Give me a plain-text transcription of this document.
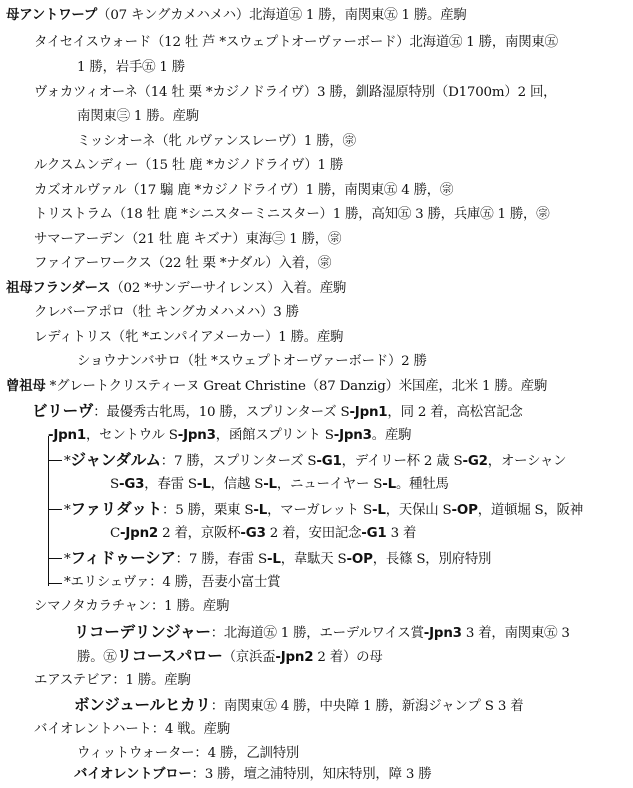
母アントワープ（07 キングカメハメハ）北海道㊄ 1 勝，南関東㊄ 1 勝。産駒
タイセイスウォード（12 牡 芦 *スウェプトオーヴァーボード）北海道㊄ 1 勝，南関東㊄
1 勝，岩手㊄ 1 勝
ヴォカツィオーネ（14 牡 栗 *カジノドライヴ）3 勝，釧路湿原特別（D1700m）2 回，
南関東㊂ 1 勝。産駒
ミッシオーネ（牝 ルヴァンスレーヴ）1 勝，㊪
ルクスムンディー（15 牡 鹿 *カジノドライヴ）1 勝
カズオルヴァル（17 騸 鹿 *カジノドライヴ）1 勝，南関東㊄ 4 勝，㊪
トリストラム（18 牡 鹿 *シニスターミニスター）1 勝，高知㊄ 3 勝，兵庫㊄ 1 勝，㊪
サマーアーデン（21 牡 鹿 キズナ）東海㊂ 1 勝，㊪
ファイアーワークス（22 牡 栗 *ナダル）入着，㊪
祖母フランダース（02 *サンデーサイレンス）入着。産駒
クレバーアポロ（牡 キングカメハメハ）3 勝
レディトリス（牝 *エンパイアメーカー）1 勝。産駒
ショウナンバサロ（牡 *スウェプトオーヴァーボード）2 勝
曾祖母 *グレートクリスティーヌ Great Christine（87 Danzig）米国産，北米 1 勝。産駒
ビリーヴ：最優秀古牝馬，10 勝，スプリンターズ S-Jpn1，同 2 着，高松宮記念
-Jpn1，セントウル S-Jpn3，函館スプリント S-Jpn3。産駒
*ジャンダルム：7 勝，スプリンターズ S-G1，デイリー杯 2 歳 S-G2，オーシャン
S-G3，春雷 S-L，信越 S-L，ニューイヤー S-L。種牡馬
*ファリダット：5 勝，栗東 S-L，マーガレット S-L，天保山 S-OP，道頓堀 S，阪神
C-Jpn2 2 着，京阪杯-G3 2 着，安田記念-G1 3 着
*フィドゥーシア：7 勝，春雷 S-L，韋駄天 S-OP，長篠 S，別府特別
*エリシェヴァ：4 勝，吾妻小富士賞
シマノタカラチャン：1 勝。産駒
リコーデリンジャー：北海道㊄ 1 勝，エーデルワイス賞-Jpn3 3 着，南関東㊄ 3
勝。㊄リコースパロー（京浜盃-Jpn2 2 着）の母
エアステビア：1 勝。産駒
ボンジュールヒカリ：南関東㊄ 4 勝，中央障 1 勝，新潟ジャンプ S 3 着
バイオレントハート：4 戦。産駒
ウィットウォーター：4 勝，乙訓特別
バイオレントブロー：3 勝，壇之浦特別，知床特別，障 3 勝
